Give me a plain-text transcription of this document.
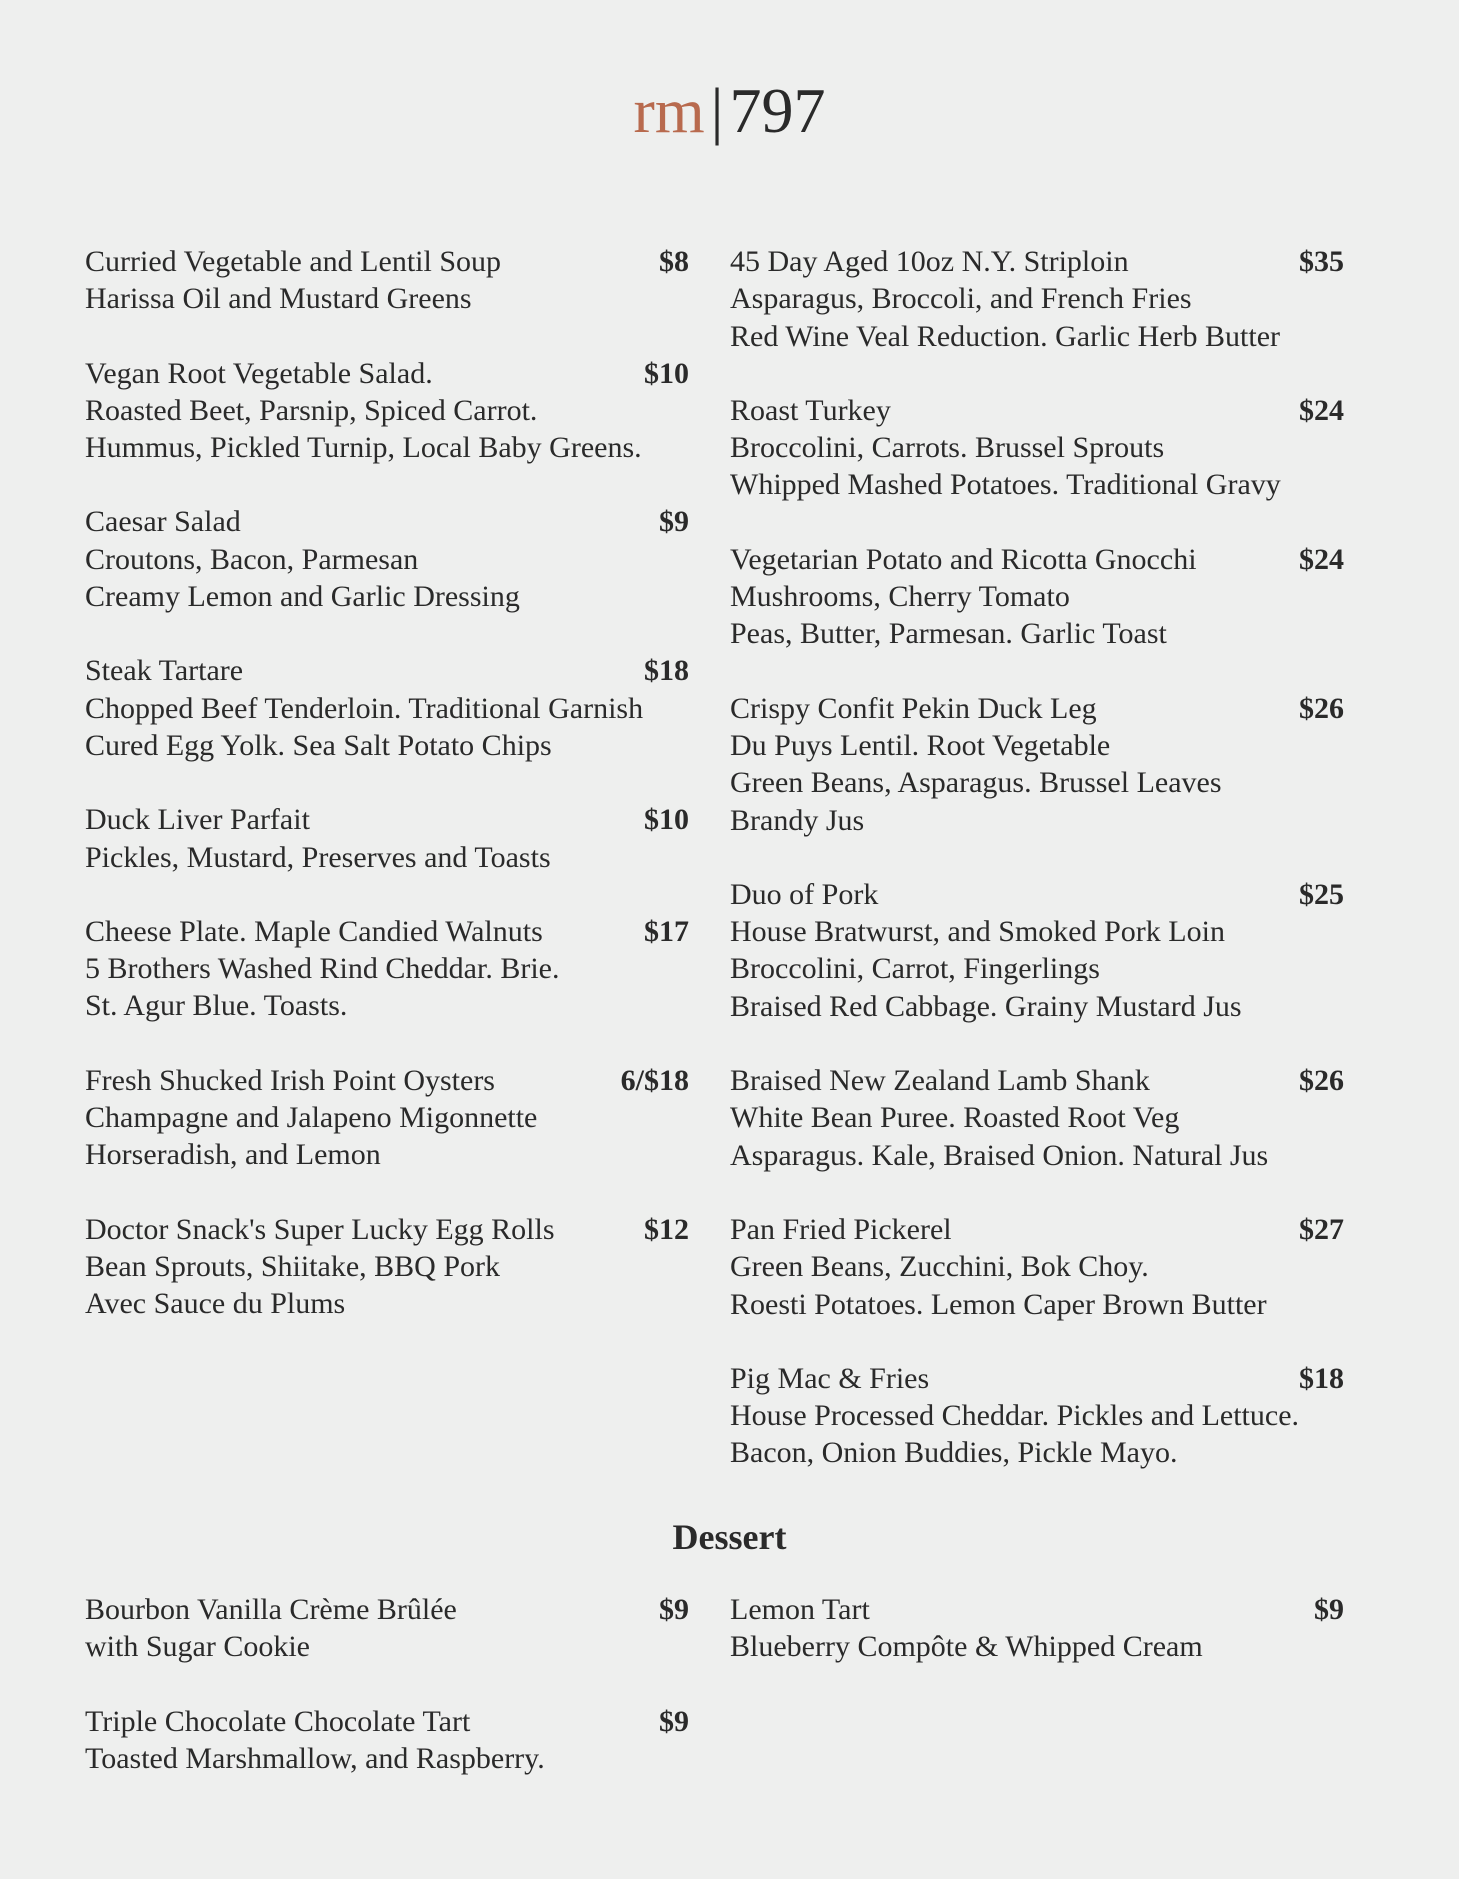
rm|797
Curried Vegetable and Lentil Soup	$8
Harissa Oil and Mustard Greens
Vegan Root Vegetable Salad.	$10
Roasted Beet, Parsnip, Spiced Carrot.
Hummus, Pickled Turnip, Local Baby Greens.
Caesar Salad	$9
Croutons, Bacon, Parmesan
Creamy Lemon and Garlic Dressing
Steak Tartare	$18
Chopped Beef Tenderloin. Traditional Garnish
Cured Egg Yolk. Sea Salt Potato Chips
Duck Liver Parfait	$10
Pickles, Mustard, Preserves and Toasts
Cheese Plate. Maple Candied Walnuts	$17
5 Brothers Washed Rind Cheddar. Brie.
St. Agur Blue. Toasts.
Fresh Shucked Irish Point Oysters	6/$18
Champagne and Jalapeno Migonnette
Horseradish, and Lemon
Doctor Snack's Super Lucky Egg Rolls	$12
Bean Sprouts, Shiitake, BBQ Pork
Avec Sauce du Plums
45 Day Aged 10oz N.Y. Striploin	$35
Asparagus, Broccoli, and French Fries
Red Wine Veal Reduction. Garlic Herb Butter
Roast Turkey	$24
Broccolini, Carrots. Brussel Sprouts
Whipped Mashed Potatoes. Traditional Gravy
Vegetarian Potato and Ricotta Gnocchi	$24
Mushrooms, Cherry Tomato
Peas, Butter, Parmesan. Garlic Toast
Crispy Confit Pekin Duck Leg	$26
Du Puys Lentil. Root Vegetable
Green Beans, Asparagus. Brussel Leaves
Brandy Jus
Duo of Pork	$25
House Bratwurst, and Smoked Pork Loin
Broccolini, Carrot, Fingerlings
Braised Red Cabbage. Grainy Mustard Jus
Braised New Zealand Lamb Shank	$26
White Bean Puree. Roasted Root Veg
Asparagus. Kale, Braised Onion. Natural Jus
Pan Fried Pickerel	$27
Green Beans, Zucchini, Bok Choy.
Roesti Potatoes. Lemon Caper Brown Butter
Pig Mac & Fries	$18
House Processed Cheddar. Pickles and Lettuce.
Bacon, Onion Buddies, Pickle Mayo.
Dessert
Bourbon Vanilla Crème Brûlée	$9
with Sugar Cookie
Triple Chocolate Chocolate Tart	$9
Toasted Marshmallow, and Raspberry.
Lemon Tart	$9
Blueberry Compôte & Whipped Cream
